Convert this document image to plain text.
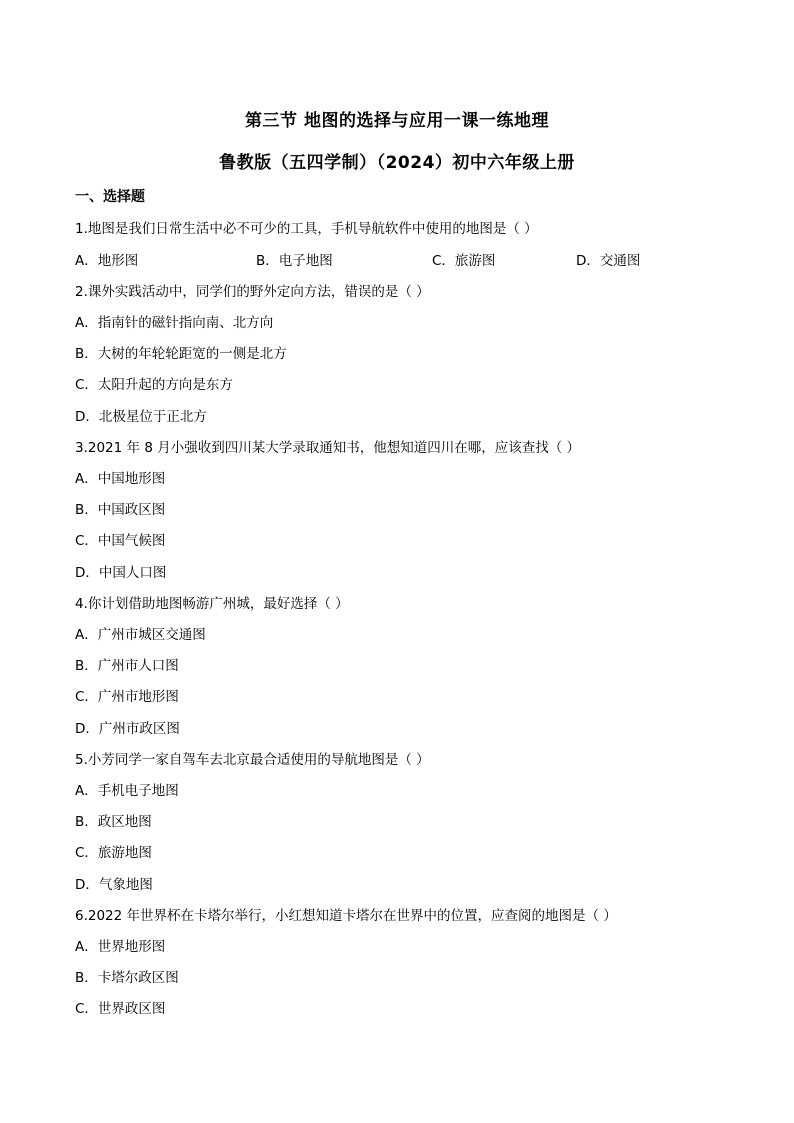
第三节 地图的选择与应用一课一练地理
鲁教版（五四学制）（2024）初中六年级上册
一、选择题
1.地图是我们日常生活中必不可少的工具，手机导航软件中使用的地图是（ ）
A．地形图	B．电子地图	C．旅游图	D．交通图
2.课外实践活动中，同学们的野外定向方法，错误的是（ ）
A．指南针的磁针指向南、北方向
B．大树的年轮轮距宽的一侧是北方
C．太阳升起的方向是东方
D．北极星位于正北方
3.2021 年 8 月小强收到四川某大学录取通知书，他想知道四川在哪，应该查找（ ）
A．中国地形图
B．中国政区图
C．中国气候图
D．中国人口图
4.你计划借助地图畅游广州城，最好选择（ ）
A．广州市城区交通图
B．广州市人口图
C．广州市地形图
D．广州市政区图
5.小芳同学一家自驾车去北京最合适使用的导航地图是（ ）
A．手机电子地图
B．政区地图
C．旅游地图
D．气象地图
6.2022 年世界杯在卡塔尔举行，小红想知道卡塔尔在世界中的位置，应查阅的地图是（ ）
A．世界地形图
B．卡塔尔政区图
C．世界政区图
